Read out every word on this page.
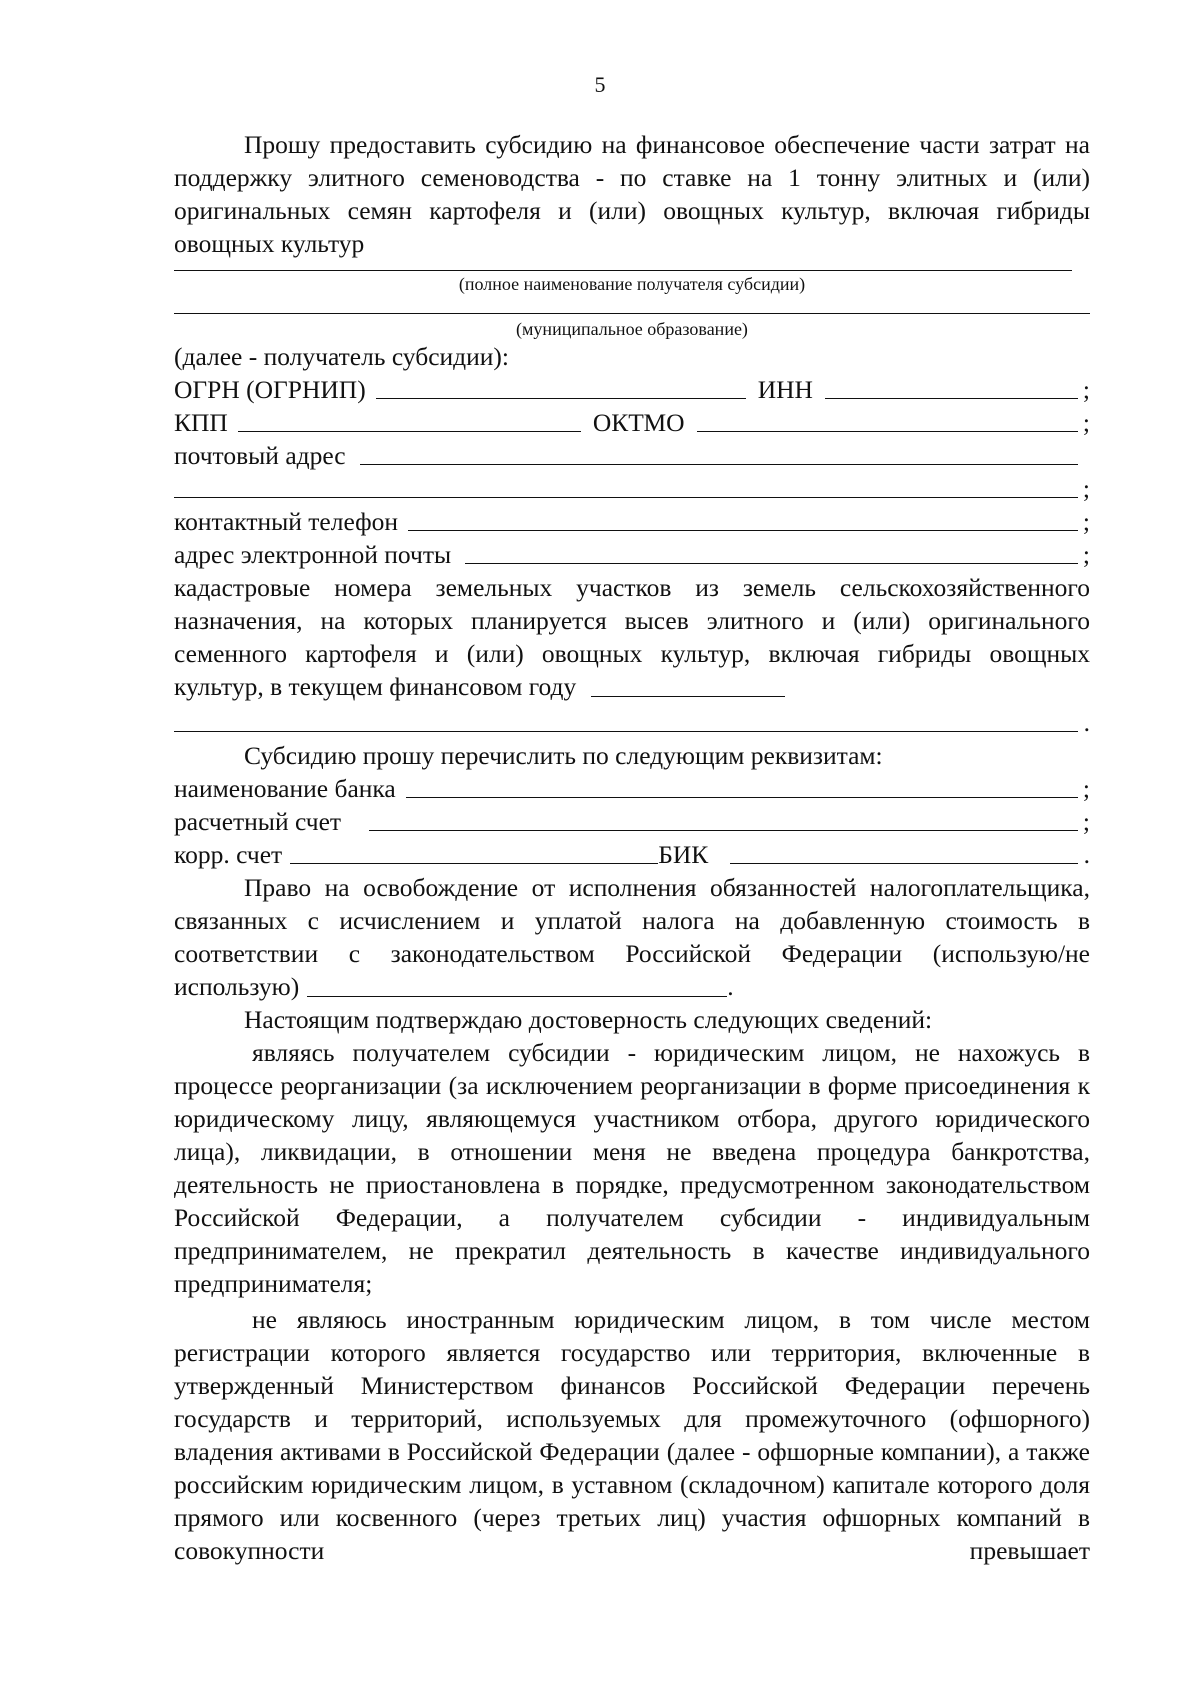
5

Прошу предоставить субсидию на финансовое обеспечение части затрат на поддержку элитного семеноводства - по ставке на 1 тонну элитных и (или) оригинальных семян картофеля и (или) овощных культур, включая гибриды овощных культур

(полное наименование получателя субсидии)
(муниципальное образование)

(далее - получатель субсидии):

ОГРН (ОГРНИП)	ИНН	;
КПП	ОКТМО	;
почтовый адрес
;
контактный телефон	;
адрес электронной почты	;

кадастровые номера земельных участков из земель сельскохозяйственного назначения, на которых планируется высев элитного и (или) оригинального семенного картофеля и (или) овощных культур, включая гибриды овощных культур, в текущем финансовом году

.

Субсидию прошу перечислить по следующим реквизитам:

наименование банка	;
расчетный счет	;
корр. счет	БИК	.

Право на освобождение от исполнения обязанностей налогоплательщика, связанных с исчислением и уплатой налога на добавленную стоимость в соответствии с законодательством Российской Федерации (использую/не использую)	.

Настоящим подтверждаю достоверность следующих сведений:

являясь получателем субсидии - юридическим лицом, не нахожусь в процессе реорганизации (за исключением реорганизации в форме присоединения к юридическому лицу, являющемуся участником отбора, другого юридического лица), ликвидации, в отношении меня не введена процедура банкротства, деятельность не приостановлена в порядке, предусмотренном законодательством Российской Федерации, а получателем субсидии - индивидуальным предпринимателем, не прекратил деятельность в качестве индивидуального предпринимателя;

не являюсь иностранным юридическим лицом, в том числе местом регистрации которого является государство или территория, включенные в утвержденный Министерством финансов Российской Федерации перечень государств и территорий, используемых для промежуточного (офшорного) владения активами в Российской Федерации (далее - офшорные компании), а также российским юридическим лицом, в уставном (складочном) капитале которого доля прямого или косвенного (через третьих лиц) участия офшорных компаний в совокупности превышает
